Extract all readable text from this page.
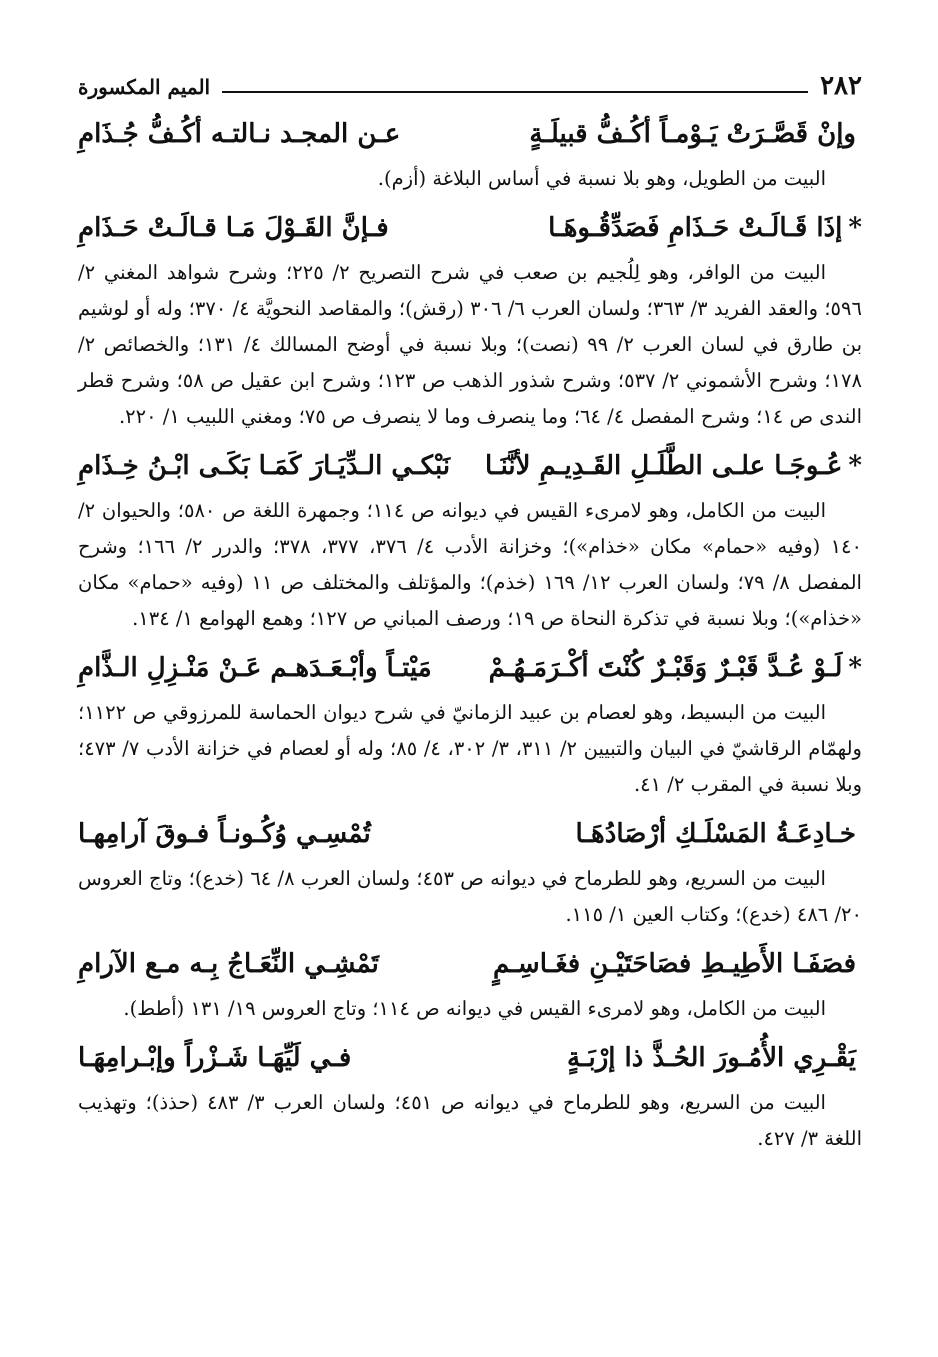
الميم المكسورة	٢٨٢
وإنْ قَصَّـرَتْ يَـوْمـاً أكُـفُّ قبيلَـةٍ
عـن المجـد نـالتـه أكُـفُّ جُـذَامِ

البيت من الطويل، وهو بلا نسبة في أساس البلاغة (أزم).

*
إذَا قَـالَـتْ حَـذَامِ فَصَدِّقُـوهَـا
فـإنَّ القَـوْلَ مَـا قـالَـتْ حَـذَامِ

البيت من الوافر، وهو لِلُجيم بن صعب في شرح التصريح ٢/ ٢٢٥؛ وشرح شواهد المغني ٢/ ٥٩٦؛ والعقد الفريد ٣/ ٣٦٣؛ ولسان العرب ٦/ ٣٠٦ (رقش)؛ والمقاصد النحويَّة ٤/ ٣٧٠؛ وله أو لوشيم بن طارق في لسان العرب ٢/ ٩٩ (نصت)؛ وبلا نسبة في أوضح المسالك ٤/ ١٣١؛ والخصائص ٢/ ١٧٨؛ وشرح الأشموني ٢/ ٥٣٧؛ وشرح شذور الذهب ص ١٢٣؛ وشرح ابن عقيل ص ٥٨؛ وشرح قطر الندى ص ١٤؛ وشرح المفصل ٤/ ٦٤؛ وما ينصرف وما لا ينصرف ص ٧٥؛ ومغني اللبيب ١/ ٢٢٠.

*
عُـوجَـا علـى الطَّلَـلِ القَـدِيـمِ لأنَّنَـا
نَبْكـي الـدِّيَـارَ كَمَـا بَكَـى ابْـنُ خِـذَامِ

البيت من الكامل، وهو لامرىء القيس في ديوانه ص ١١٤؛ وجمهرة اللغة ص ٥٨٠؛ والحيوان ٢/ ١٤٠ (وفيه «حمام» مكان «خذام»)؛ وخزانة الأدب ٤/ ٣٧٦، ٣٧٧، ٣٧٨؛ والدرر ٢/ ١٦٦؛ وشرح المفصل ٨/ ٧٩؛ ولسان العرب ١٢/ ١٦٩ (خذم)؛ والمؤتلف والمختلف ص ١١ (وفيه «حمام» مكان «خذام»)؛ وبلا نسبة في تذكرة النحاة ص ١٩؛ ورصف المباني ص ١٢٧؛ وهمع الهوامع ١/ ١٣٤.

*
لَـوْ عُـدَّ قَبْـرٌ وَقَبْـرٌ كُنْتَ أكْـرَمَـهُـمْ
مَيْتـاً وأبْـعَـدَهـم عَـنْ مَنْـزِلِ الـذَّامِ

البيت من البسيط، وهو لعصام بن عبيد الزمانيّ في شرح ديوان الحماسة للمرزوقي ص ١١٢٢؛ ولهمّام الرقاشيّ في البيان والتبيين ٢/ ٣١١، ٣/ ٣٠٢، ٤/ ٨٥؛ وله أو لعصام في خزانة الأدب ٧/ ٤٧٣؛ وبلا نسبة في المقرب ٢/ ٤١.

خـادِعَـةُ المَسْلَـكِ أرْصَادُهَـا
تُمْسِـي وُكُـونـاً فـوقَ آرامِهـا

البيت من السريع، وهو للطرماح في ديوانه ص ٤٥٣؛ ولسان العرب ٨/ ٦٤ (خدع)؛ وتاج العروس ٢٠/ ٤٨٦ (خدع)؛ وكتاب العين ١/ ١١٥.

فصَفَـا الأَطِيـطِ فصَاحَتَيْـنِ فغَـاسِـمٍ
تَمْشِـي النِّعَـاجُ بِـه مـع الآرامِ

البيت من الكامل، وهو لامرىء القيس في ديوانه ص ١١٤؛ وتاج العروس ١٩/ ١٣١ (أطط).

يَقْـرِي الأُمُـورَ الحُـذَّ ذا إرْبَـةٍ
فـي لَيِّهَـا شَـزْراً وإبْـرامِهَـا

البيت من السريع، وهو للطرماح في ديوانه ص ٤٥١؛ ولسان العرب ٣/ ٤٨٣ (حذذ)؛ وتهذيب اللغة ٣/ ٤٢٧.
